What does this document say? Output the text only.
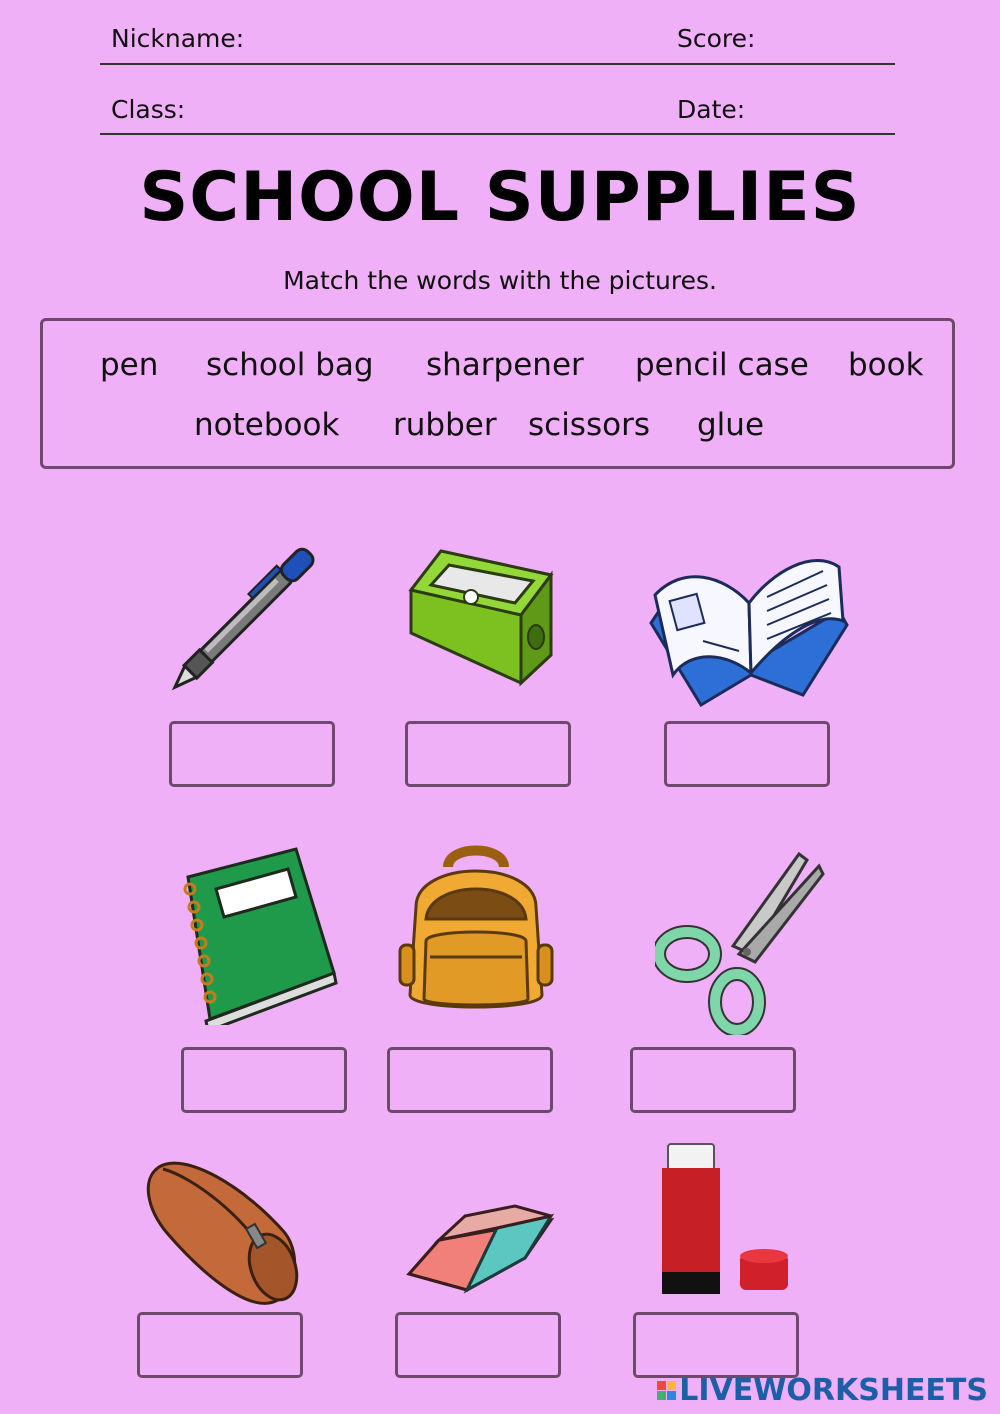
Nickname:	Score:
Class:	Date:
SCHOOL SUPPLIES
Match the words with the pictures.
pen school bag sharpener pencil case book
notebook rubber scissors glue
LIVEWORKSHEETS
